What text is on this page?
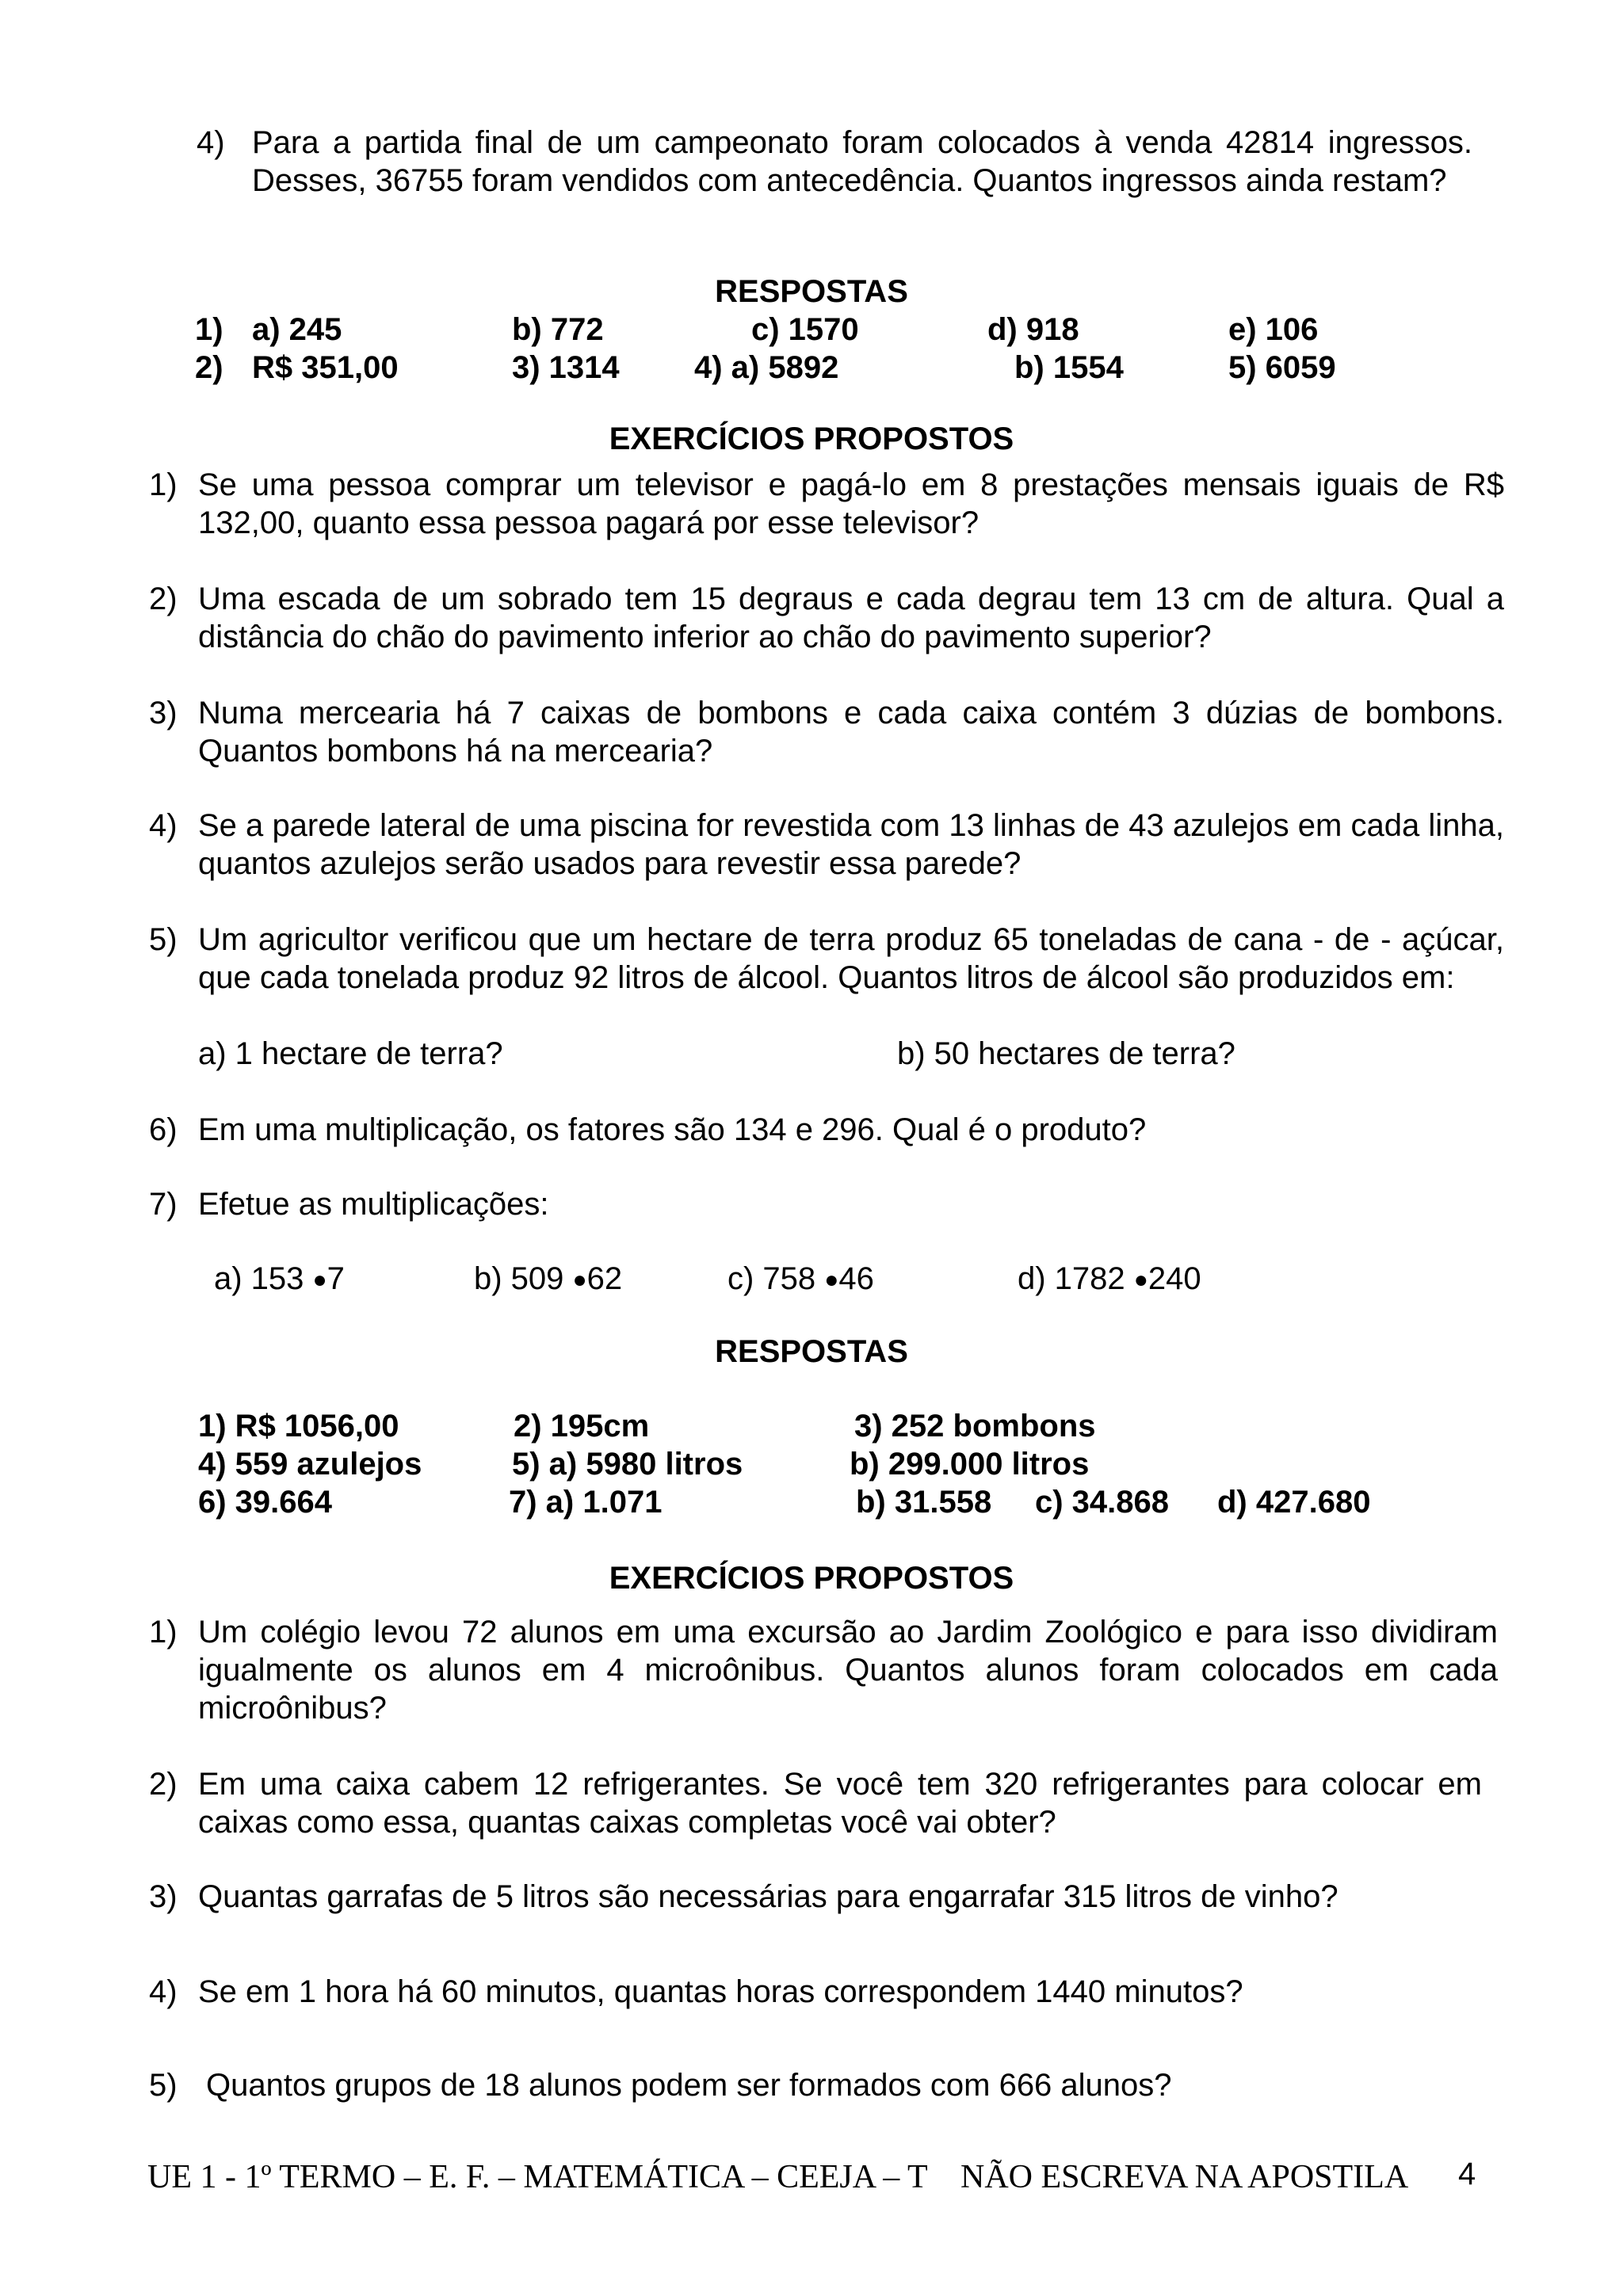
4) Para a partida final de um campeonato foram colocados à venda 42814 ingressos. Desses, 36755 foram vendidos com antecedência. Quantos ingressos ainda restam?
RESPOSTAS
1) a) 245	b) 772	c) 1570	d) 918	e) 106
2) R$ 351,00	3) 1314 4) a) 5892	b) 1554	5) 6059
EXERCÍCIOS PROPOSTOS
1) Se uma pessoa comprar um televisor e pagá-lo em 8 prestações mensais iguais de R$ 132,00, quanto essa pessoa pagará por esse televisor?
2) Uma escada de um sobrado tem 15 degraus e cada degrau tem 13 cm de altura. Qual a distância do chão do pavimento inferior ao chão do pavimento superior?
3) Numa mercearia há 7 caixas de bombons e cada caixa contém 3 dúzias de bombons. Quantos bombons há na mercearia?
4) Se a parede lateral de uma piscina for revestida com 13 linhas de 43 azulejos em cada linha, quantos azulejos serão usados para revestir essa parede?
5) Um agricultor verificou que um hectare de terra produz 65 toneladas de cana - de - açúcar, que cada tonelada produz 92 litros de álcool. Quantos litros de álcool são produzidos em:
a) 1 hectare de terra?	b) 50 hectares de terra?
6) Em uma multiplicação, os fatores são 134 e 296. Qual é o produto?
7) Efetue as multiplicações:
a) 153 ●7	b) 509 ●62	c) 758 ●46	d) 1782 ●240
RESPOSTAS
1) R$ 1056,00	2) 195cm	3) 252 bombons
4) 559 azulejos	5) a) 5980 litros	b) 299.000 litros
6) 39.664	7) a) 1.071	b) 31.558 c) 34.868 d) 427.680
EXERCÍCIOS PROPOSTOS
1) Um colégio levou 72 alunos em uma excursão ao Jardim Zoológico e para isso dividiram igualmente os alunos em 4 microônibus. Quantos alunos foram colocados em cada microônibus?
2) Em uma caixa cabem 12 refrigerantes. Se você tem 320 refrigerantes para colocar em caixas como essa, quantas caixas completas você vai obter?
3) Quantas garrafas de 5 litros são necessárias para engarrafar 315 litros de vinho?
4) Se em 1 hora há 60 minutos, quantas horas correspondem 1440 minutos?
5) Quantos grupos de 18 alunos podem ser formados com 666 alunos?
UE 1 - 1º TERMO – E. F. – MATEMÁTICA – CEEJA – T NÃO ESCREVA NA APOSTILA 4
